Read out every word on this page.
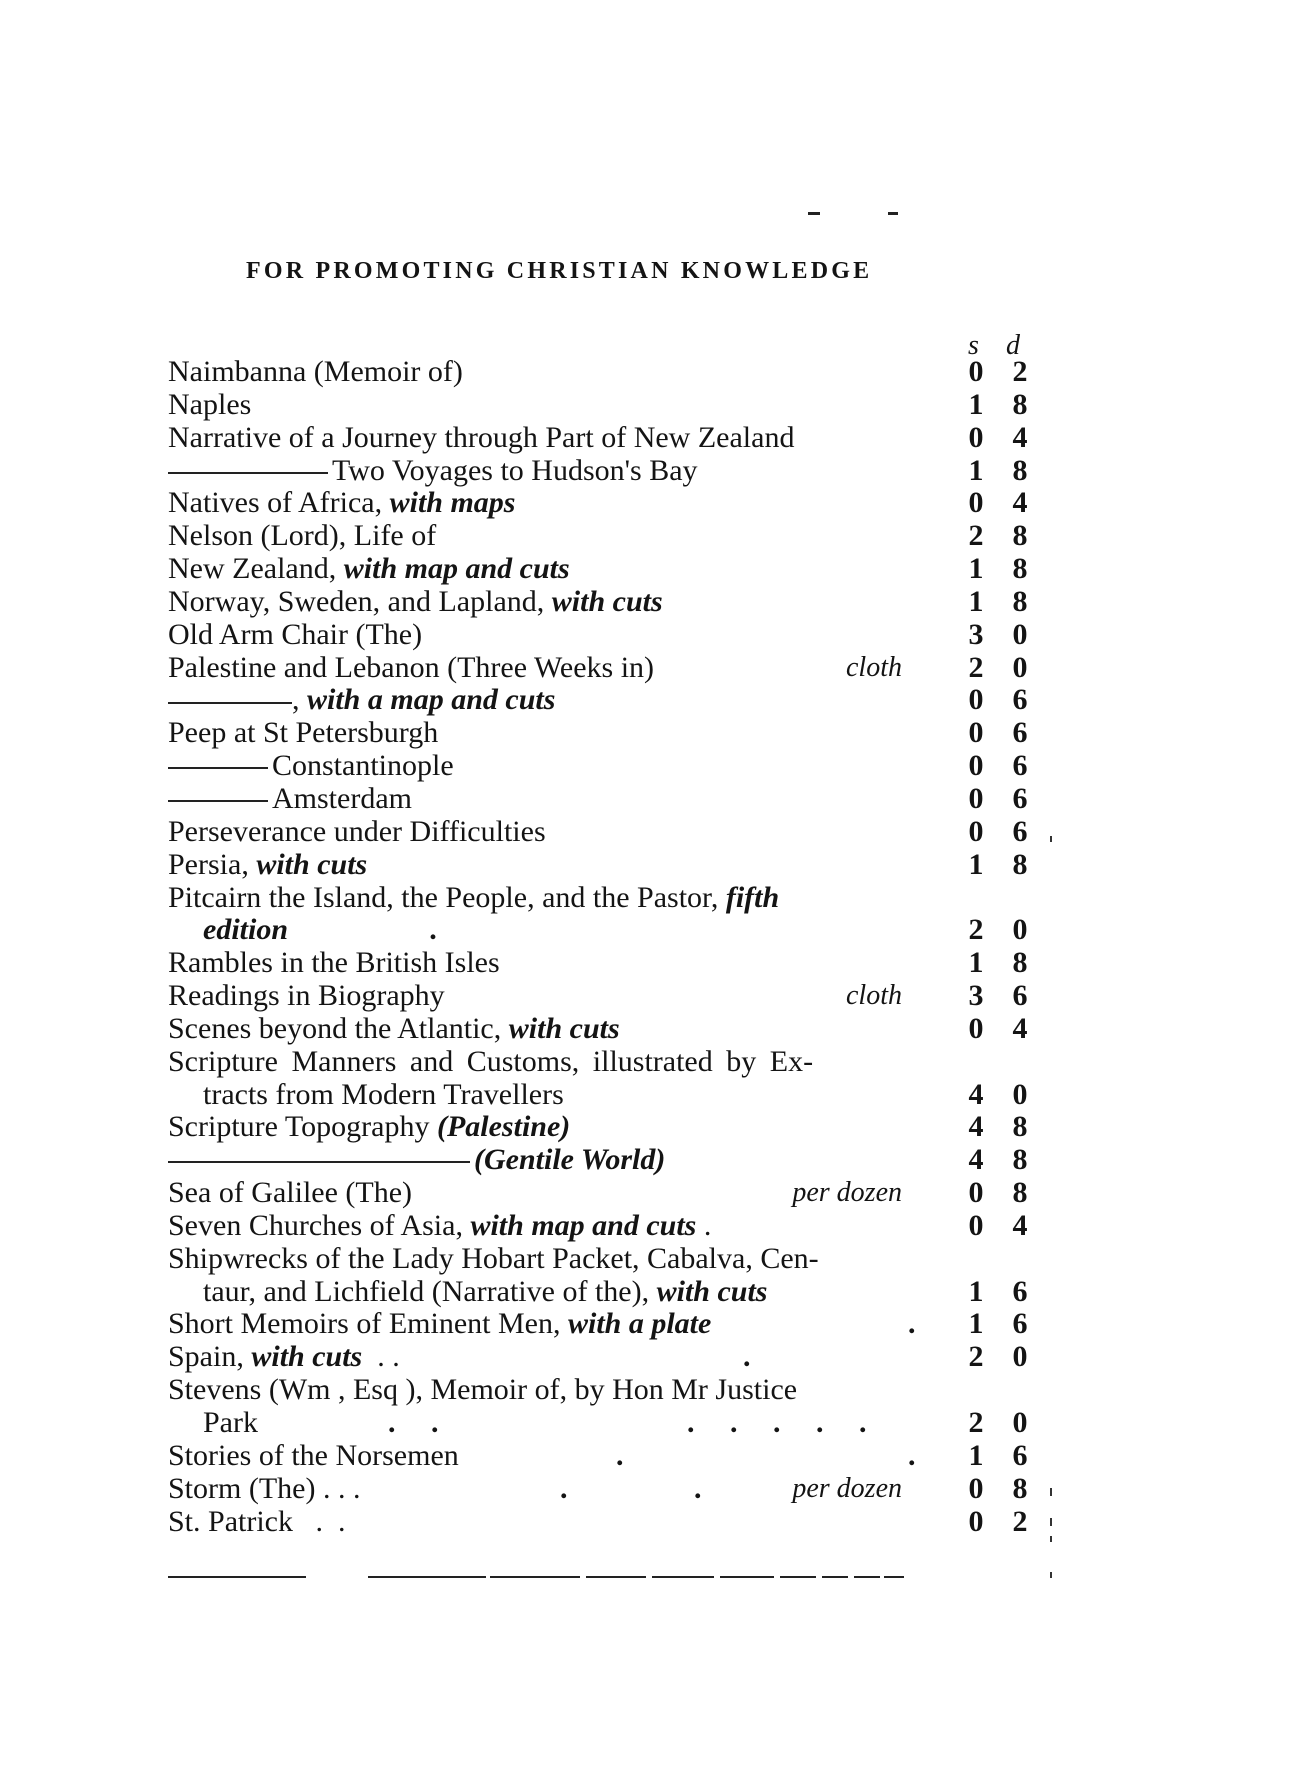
FOR PROMOTING CHRISTIAN KNOWLEDGE
s d
Naimbanna (Memoir of)	0 2
Naples	1 8
Narrative of a Journey through Part of New Zealand	0 4
Two Voyages to Hudson's Bay	1 8
Natives of Africa, with maps	0 4
Nelson (Lord), Life of	2 8
New Zealand, with map and cuts	1 8
Norway, Sweden, and Lapland, with cuts	1 8
Old Arm Chair (The)	3 0
Palestine and Lebanon (Three Weeks in)	cloth	2 0
, with a map and cuts	0 6
Peep at St Petersburgh	0 6
Constantinople	0 6
Amsterdam	0 6
Perseverance under Difficulties	0 6
Persia, with cuts	1 8
Pitcairn the Island, the People, and the Pastor, fifth
edition	.	2 0
Rambles in the British Isles	1 8
Readings in Biography	cloth	3 6
Scenes beyond the Atlantic, with cuts	0 4
Scripture Manners and Customs, illustrated by Ex-
tracts from Modern Travellers	4 0
Scripture Topography (Palestine)	4 8
(Gentile World)	4 8
Sea of Galilee (The)	per dozen	0 8
Seven Churches of Asia, with map and cuts .	0 4
Shipwrecks of the Lady Hobart Packet, Cabalva, Cen-
taur, and Lichfield (Narrative of the), with cuts	1 6
Short Memoirs of Eminent Men, with a plate	.	1 6
Spain, with cuts  . .	.	2 0
Stevens (Wm , Esq ), Memoir of, by Hon Mr Justice
Park	. .       . . . . .	2 0
Stories of the Norsemen	.	.	1 6
Storm (The) . . .	.	.	per dozen	0 8
St. Patrick   .  .	0 2
